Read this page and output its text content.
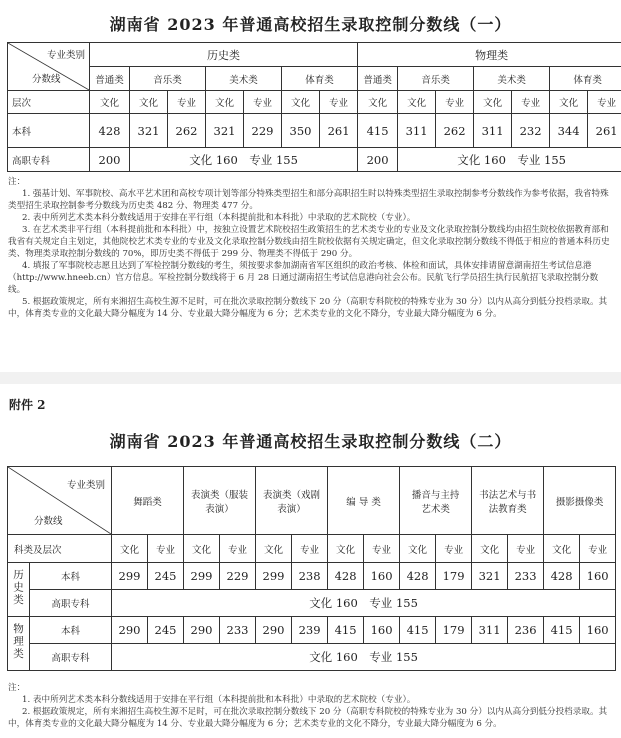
湖南省 2023 年普通高校招生录取控制分数线（一）
专业类别
分数线	历史类							物理类						
	普通类	音乐类		美术类		体育类		普通类	音乐类		美术类		体育类	
层次	文化	文化	专业	文化	专业	文化	专业	文化	文化	专业	文化	专业	文化	专业
本科	428	321	262	321	229	350	261	415	311	262	311	232	344	261
高职专科	200	文化 160　专业 155						200	文化 160　专业 155					

注：

1. 强基计划、军事院校、高水平艺术团和高校专项计划等部分特殊类型招生和部分高职招生时以特殊类型招生录取控制参考分数线作为参考依据，我省特殊类型招生录取控制参考分数线为历史类 482 分、物理类 477 分。

2. 表中所列艺术类本科分数线适用于安排在平行组（本科提前批和本科批）中录取的艺术院校（专业）。

3. 在艺术类非平行组（本科提前批和本科批）中，按独立设置艺术院校招生政策招生的艺术类专业的专业及文化录取控制分数线均由招生院校依据教育部和我省有关规定自主划定，其他院校艺术类专业的专业及文化录取控制分数线由招生院校依据有关规定确定，但文化录取控制分数线不得低于相应的普通本科历史类、物理类录取控制分数线的 70%，即历史类不得低于 299 分、物理类不得低于 290 分。

4. 填报了军事院校志愿且达到了军检控制分数线的考生，须按要求参加湖南省军区组织的政治考核、体检和面试，具体安排请留意湖南招生考试信息港（http://www.hneeb.cn）官方信息。军检控制分数线将于 6 月 28 日通过湖南招生考试信息港向社会公布。民航飞行学员招生执行民航招飞录取控制分数线。

5. 根据政策规定，所有来湘招生高校生源不足时，可在批次录取控制分数线下 20 分（高职专科院校的特殊专业为 30 分）以内从高分到低分投档录取。其中，体育类专业的文化最大降分幅度为 14 分、专业最大降分幅度为 6 分；艺术类专业的文化不降分，专业最大降分幅度为 6 分。

附件 2
湖南省 2023 年普通高校招生录取控制分数线（二）
专业类别
分数线		舞蹈类		表演类（服装表演）		表演类（戏剧表演）		编 导 类		播音与主持艺术类		书法艺术与书法教育类		摄影摄像类	
科类及层次		文化	专业	文化	专业	文化	专业	文化	专业	文化	专业	文化	专业	文化	专业
历史类	本科	299	245	299	229	299	238	428	160	428	179	321	233	428	160
	高职专科	文化 160　专业 155													
物理类	本科	290	245	290	233	290	239	415	160	415	179	311	236	415	160
	高职专科	文化 160　专业 155													

注：

1. 表中所列艺术类本科分数线适用于安排在平行组（本科提前批和本科批）中录取的艺术院校（专业）。

2. 根据政策规定，所有来湘招生高校生源不足时，可在批次录取控制分数线下 20 分（高职专科院校的特殊专业为 30 分）以内从高分到低分投档录取。其中，体育类专业的文化最大降分幅度为 14 分、专业最大降分幅度为 6 分；艺术类专业的文化不降分，专业最大降分幅度为 6 分。
